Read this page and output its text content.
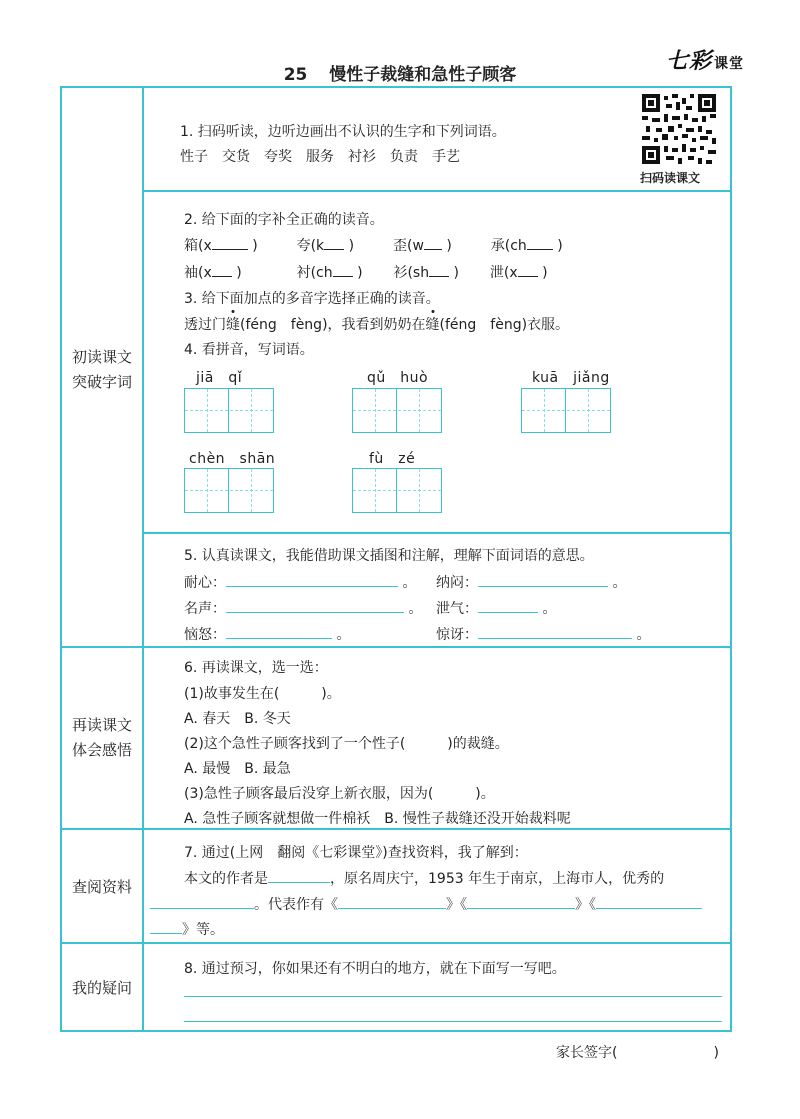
25 慢性子裁缝和急性子顾客
七彩 课堂
初读课文
突破字词
再读课文
体会感悟
查阅资料
我的疑问
1. 扫码听读，边听边画出不认识的生字和下列词语。
性子　交货　夸奖　服务　衬衫　负责　手艺
扫码读课文
2. 给下面的字补全正确的读音。
箱(x	)	夸(k )	歪(w )	承(ch )
袖(x )	衬(ch ) 衫(sh ) 泄(x )
3. 给下面加点的多音字选择正确的读音。
透过门缝(féng　fèng)，我看到奶奶在缝(féng　fèng)衣服。
4. 看拼音，写词语。
jiā　qǐ	qǔ　huò	kuā　jiǎng
chèn　shān	fù　zé
5. 认真读课文，我能借助课文插图和注解，理解下面词语的意思。
耐心：	。 纳闷：	。
名声：	。 泄气：	。
恼怒：	。	惊讶：	。
6. 再读课文，选一选：
(1)故事发生在(　　　)。
A. 春天　B. 冬天
(2)这个急性子顾客找到了一个性子(　　　)的裁缝。
A. 最慢　B. 最急
(3)急性子顾客最后没穿上新衣服，因为(　　　)。
A. 急性子顾客就想做一件棉袄　B. 慢性子裁缝还没开始裁料呢
7. 通过(上网　翻阅《七彩课堂》)查找资料，我了解到：
本文的作者是	，原名周庆宁，1953 年生于南京，上海市人，优秀的
。代表作有《	》《	》《
》等。
8. 通过预习，你如果还有不明白的地方，就在下面写一写吧。
家长签字(	)
